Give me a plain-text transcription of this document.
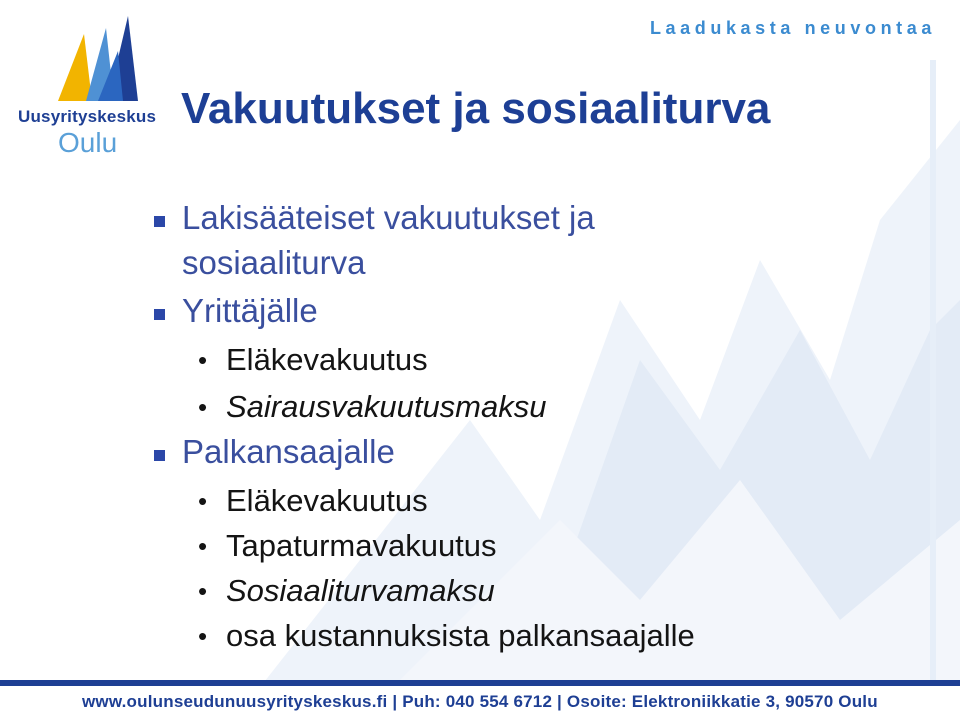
Uusyrityskeskus
Oulu
Laadukasta neuvontaa
Vakuutukset ja sosiaaliturva
Lakisääteiset vakuutukset ja
sosiaaliturva
Yrittäjälle
• Eläkevakuutus
• Sairausvakuutusmaksu
Palkansaajalle
• Eläkevakuutus
• Tapaturmavakuutus
• Sosiaaliturvamaksu
• osa kustannuksista palkansaajalle
www.oulunseudunuusyrityskeskus.fi | Puh: 040 554 6712 | Osoite: Elektroniikkatie 3, 90570 Oulu
